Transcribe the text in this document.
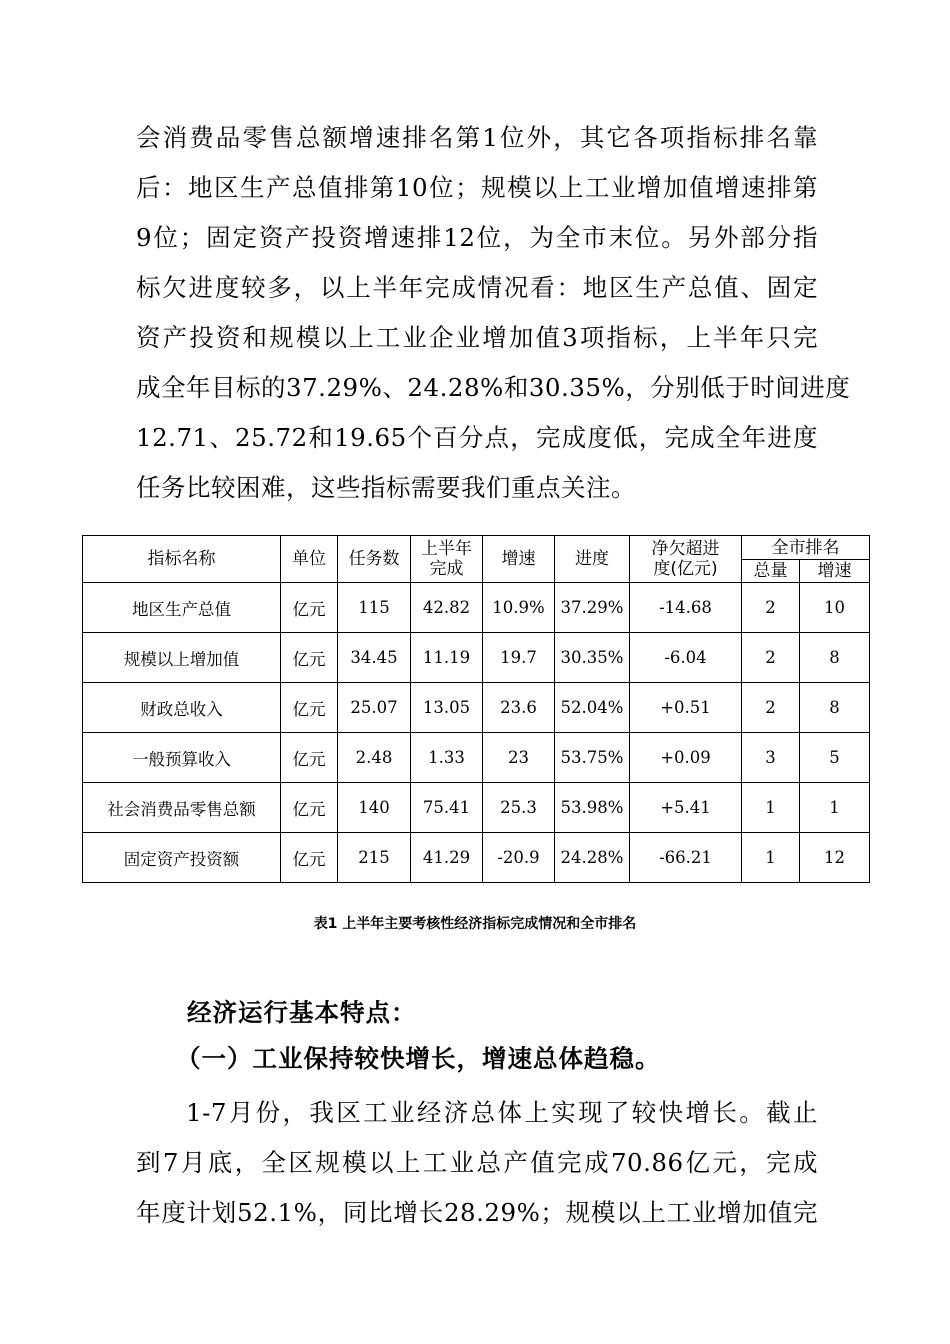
会消费品零售总额增速排名第1位外，其它各项指标排名靠
后：地区生产总值排第10位；规模以上工业增加值增速排第
9位；固定资产投资增速排12位，为全市末位。另外部分指
标欠进度较多，以上半年完成情况看：地区生产总值、固定
资产投资和规模以上工业企业增加值3项指标，上半年只完
成全年目标的37.29%、24.28%和30.35%，分别低于时间进度
12.71、25.72和19.65个百分点，完成度低，完成全年进度
任务比较困难，这些指标需要我们重点关注。
指标名称	单位	任务数	上半年完成	增速	进度	净欠超进度(亿元)	全市排名	
							总量	增速
地区生产总值	亿元	115	42.82	10.9%	37.29%	-14.68	2	10
规模以上增加值	亿元	34.45	11.19	19.7	30.35%	-6.04	2	8
财政总收入	亿元	25.07	13.05	23.6	52.04%	+0.51	2	8
一般预算收入	亿元	2.48	1.33	23	53.75%	+0.09	3	5
社会消费品零售总额	亿元	140	75.41	25.3	53.98%	+5.41	1	1
固定资产投资额	亿元	215	41.29	-20.9	24.28%	-66.21	1	12
表1 上半年主要考核性经济指标完成情况和全市排名
经济运行基本特点：
（一）工业保持较快增长，增速总体趋稳。
1-7月份，我区工业经济总体上实现了较快增长。截止
到7月底，全区规模以上工业总产值完成70.86亿元，完成
年度计划52.1%，同比增长28.29%；规模以上工业增加值完
